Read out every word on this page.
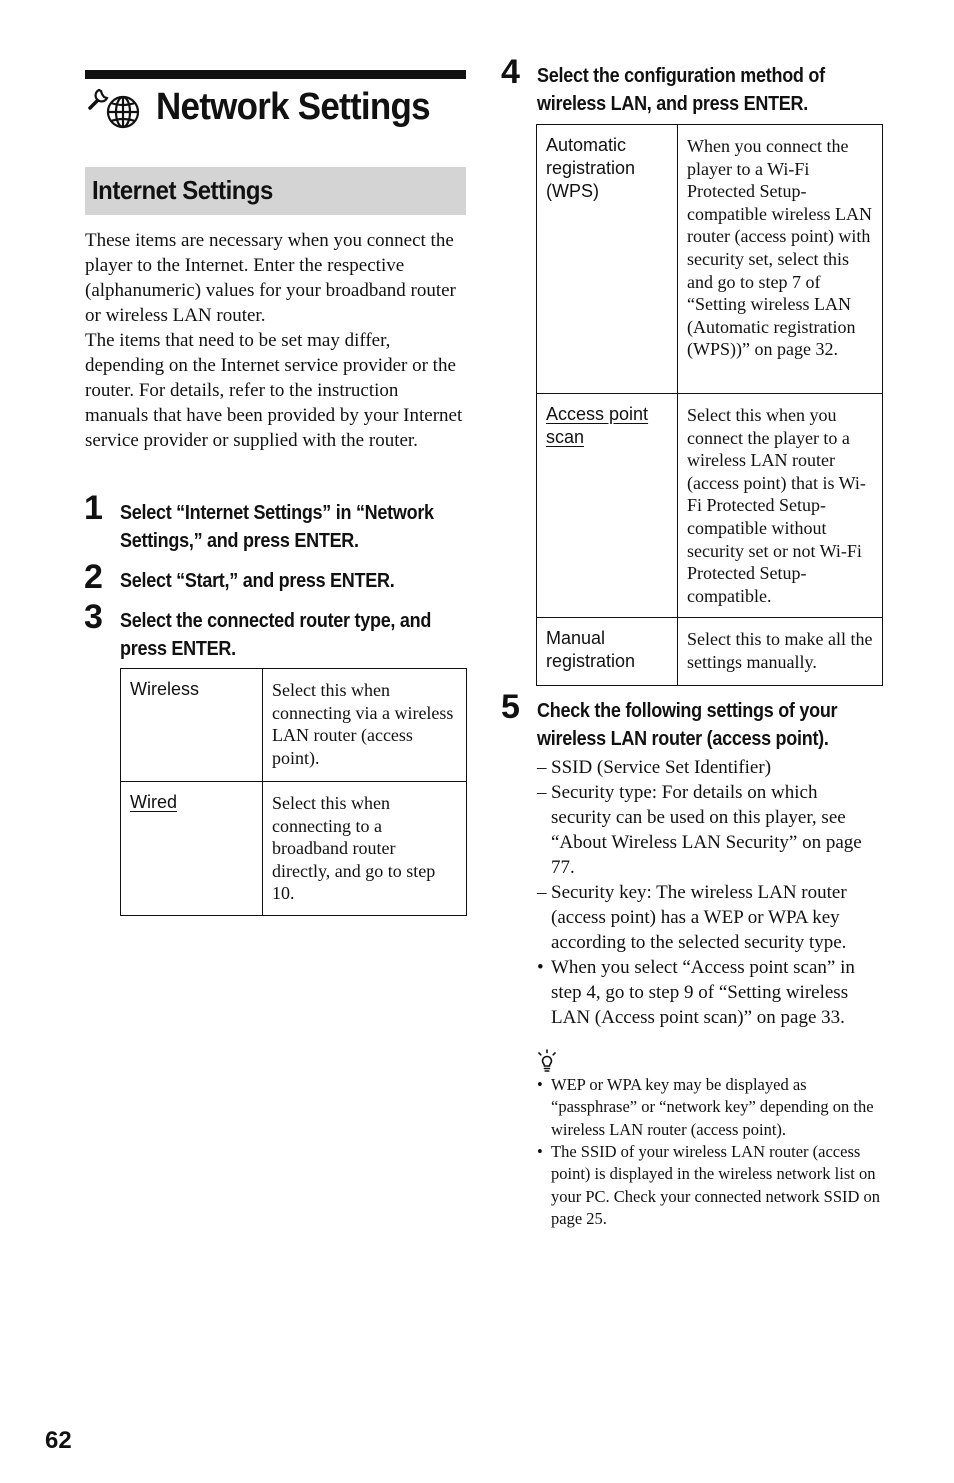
Network Settings
Internet Settings

These items are necessary when you connect the player to the Internet. Enter the respective (alphanumeric) values for your broadband router or wireless LAN router.

The items that need to be set may differ, depending on the Internet service provider or the router. For details, refer to the instruction manuals that have been provided by your Internet service provider or supplied with the router.

1 Select “Internet Settings” in “Network Settings,” and press ENTER.
2 Select “Start,” and press ENTER.
3 Select the connected router type, and press ENTER.
Wireless	Select this when connecting via a wireless LAN router (access point).
Wired	Select this when connecting to a broadband router directly, and go to step 10.
4 Select the configuration method of wireless LAN, and press ENTER.
Automatic registration (WPS)	When you connect the player to a Wi-Fi Protected Setup-compatible wireless LAN router (access point) with security set, select this and go to step 7 of “Setting wireless LAN (Automatic registration (WPS))” on page 32.
Access point scan	Select this when you connect the player to a wireless LAN router (access point) that is Wi-Fi Protected Setup-compatible without security set or not Wi-Fi Protected Setup-compatible.
Manual registration	Select this to make all the settings manually.
5 Check the following settings of your wireless LAN router (access point).
– SSID (Service Set Identifier)
– Security type: For details on which security can be used on this player, see “About Wireless LAN Security” on page 77.
– Security key: The wireless LAN router (access point) has a WEP or WPA key according to the selected security type.
• When you select “Access point scan” in step 4, go to step 9 of “Setting wireless LAN (Access point scan)” on page 33.
• WEP or WPA key may be displayed as “passphrase” or “network key” depending on the wireless LAN router (access point).
• The SSID of your wireless LAN router (access point) is displayed in the wireless network list on your PC. Check your connected network SSID on page 25.
62
